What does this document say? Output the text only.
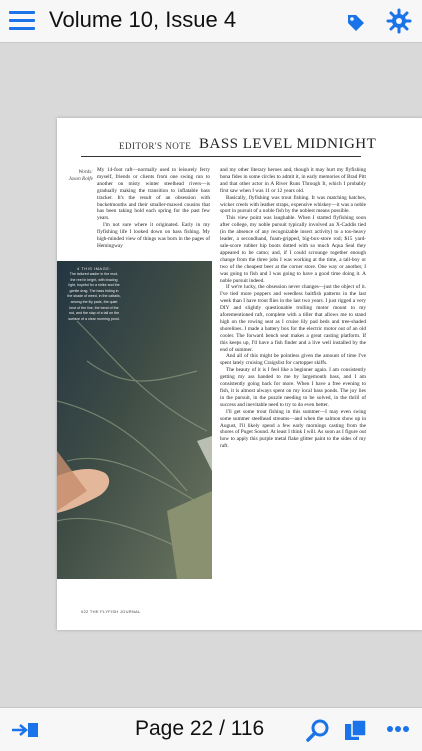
Volume 10, Issue 4
EDITOR'S NOTE BASS LEVEL MIDNIGHT
Words:
Jason Rolfe

My 14-foot raft—normally used to leisurely ferry myself, friends or clients from one swing run to another on misty winter steelhead rivers—is gradually making the transition to inflatable bass tracker. It's the result of an obsession with bucketmouths and their smaller-mawed cousins that has been taking hold each spring for the past few years.

I'm not sure where it originated. Early in my flyfishing life I looked down on bass fishing. My high-minded view of things was born in the pages of Hemingway

4 THIS IMAGE:
The tailored wader in the mud, the reel in bright, with bracing light, hopeful for a strike and the gentle drag. The bass hiding in the shade of weed, in the cattails, among the lily pads, the quiet knot of the line, the bend of the rod, and the slap of a tail on the surface of a clear morning pond.

and my other literary heroes and, though it may hurt my flyfishing bona fides in some circles to admit it, in early memories of Brad Pitt and that other actor in A River Runs Through It, which I probably first saw when I was 11 or 12 years old.

Basically, flyfishing was trout fishing. It was matching hatches, wicker creels with leather straps, expensive whiskey—it was a noble sport in pursuit of a noble fish by the noblest means possible.

This view point was laughable. When I started flyfishing soon after college, my noble pursuit typically involved an X-Caddis tied (in the absence of any recognizable insect activity) to a too-heavy leader, a secondhand, foam-gripped, big-box-store rod; $15 yard-sale-score rubber hip boots dotted with so much Aqua Seal they appeared to be camo; and, if I could scrounge together enough change from the three jobs I was working at the time, a tall-boy or two of the cheapest beer at the corner store. One way or another, I was going to fish and I was going to have a good time doing it. A noble pursuit indeed.

If we're lucky, the obsession never changes—just the object of it. I've tied more poppers and weedless baitfish patterns in the last week than I have trout flies in the last two years. I just rigged a very DIY and slightly questionable trolling motor mount to my aforementioned raft, complete with a tiller that allows me to stand high on the rowing seat as I cruise lily pad beds and tree-shaded shorelines. I made a battery box for the electric motor out of an old cooler. The forward bench seat makes a great casting platform. If this keeps up, I'll have a fish finder and a live well installed by the end of summer.

And all of this might be pointless given the amount of time I've spent lately cruising Craigslist for cartopper skiffs.

The beauty of it is I feel like a beginner again. I am consistently getting my ass handed to me by largemouth bass, and I am consistently going back for more. When I have a free evening to fish, it is almost always spent on my local bass ponds. The joy lies in the pursuit, in the puzzle needing to be solved, in the thrill of success and inevitable need to try to do even better.

I'll get some trout fishing in this summer—I may even swing some summer steelhead streams—and when the salmon show up in August, I'll likely spend a few early mornings casting from the shores of Puget Sound. At least I think I will. As soon as I figure out how to apply this purple metal flake glitter paint to the sides of my raft.

022 THE FLYFISH JOURNAL
Page 22 / 116
